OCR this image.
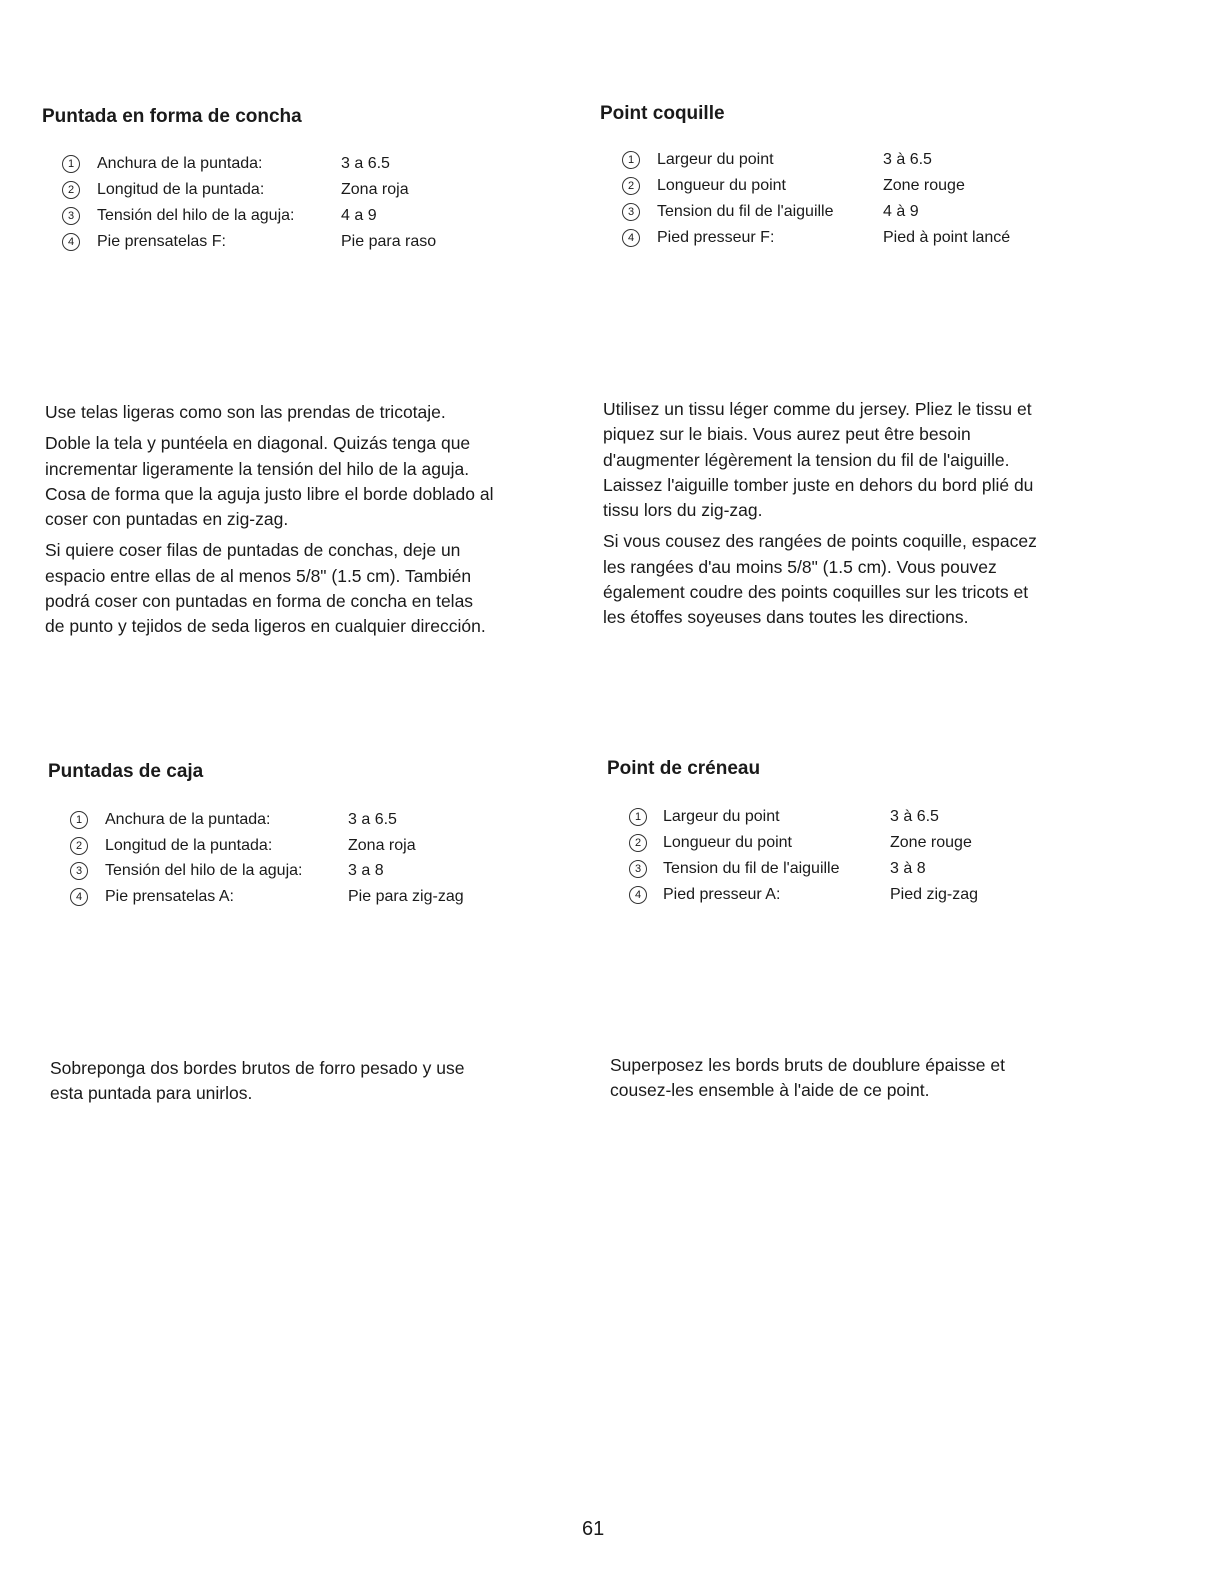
Puntada en forma de concha
1	Anchura de la puntada:	3 a 6.5
2	Longitud de la puntada:	Zona roja
3	Tensión del hilo de la aguja:	4 a 9
4	Pie prensatelas F:	Pie para raso
Use telas ligeras como son las prendas de tricotaje.
Doble la tela y puntéela en diagonal. Quizás tenga que
incrementar ligeramente la tensión del hilo de la aguja.
Cosa de forma que la aguja justo libre el borde doblado al
coser con puntadas en zig-zag.
Si quiere coser filas de puntadas de conchas, deje un
espacio entre ellas de al menos 5/8" (1.5 cm). También
podrá coser con puntadas en forma de concha en telas
de punto y tejidos de seda ligeros en cualquier dirección.
Point coquille
1	Largeur du point	3 à 6.5
2	Longueur du point	Zone rouge
3	Tension du fil de l'aiguille	4 à 9
4	Pied presseur F:	Pied à point lancé
Utilisez un tissu léger comme du jersey. Pliez le tissu et
piquez sur le biais. Vous aurez peut être besoin
d'augmenter légèrement la tension du fil de l'aiguille.
Laissez l'aiguille tomber juste en dehors du bord plié du
tissu lors du zig-zag.
Si vous cousez des rangées de points coquille, espacez
les rangées d'au moins 5/8" (1.5 cm). Vous pouvez
également coudre des points coquilles sur les tricots et
les étoffes soyeuses dans toutes les directions.
Puntadas de caja
1	Anchura de la puntada:	3 a 6.5
2	Longitud de la puntada:	Zona roja
3	Tensión del hilo de la aguja:	3 a 8
4	Pie prensatelas A:	Pie para zig-zag
Sobreponga dos bordes brutos de forro pesado y use
esta puntada para unirlos.
Point de créneau
1	Largeur du point	3 à 6.5
2	Longueur du point	Zone rouge
3	Tension du fil de l'aiguille	3 à 8
4	Pied presseur A:	Pied zig-zag
Superposez les bords bruts de doublure épaisse et
cousez-les ensemble à l'aide de ce point.
61
